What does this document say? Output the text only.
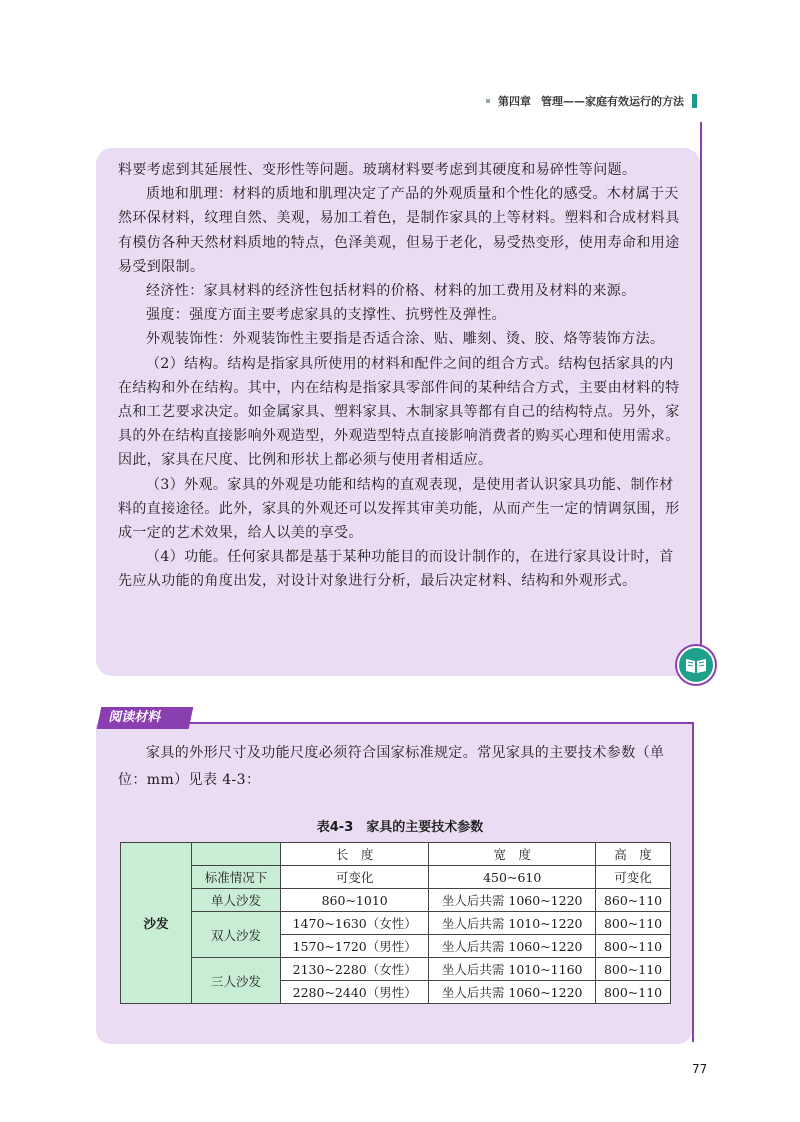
第四章 管理——家庭有效运行的方法

料要考虑到其延展性、变形性等问题。玻璃材料要考虑到其硬度和易碎性等问题。

质地和肌理：材料的质地和肌理决定了产品的外观质量和个性化的感受。木材属于天然环保材料，纹理自然、美观，易加工着色，是制作家具的上等材料。塑料和合成材料具有模仿各种天然材料质地的特点，色泽美观，但易于老化，易受热变形，使用寿命和用途易受到限制。

经济性：家具材料的经济性包括材料的价格、材料的加工费用及材料的来源。

强度：强度方面主要考虑家具的支撑性、抗劈性及弹性。

外观装饰性：外观装饰性主要指是否适合涂、贴、雕刻、烫、胶、烙等装饰方法。

（2）结构。结构是指家具所使用的材料和配件之间的组合方式。结构包括家具的内在结构和外在结构。其中，内在结构是指家具零部件间的某种结合方式，主要由材料的特点和工艺要求决定。如金属家具、塑料家具、木制家具等都有自己的结构特点。另外，家具的外在结构直接影响外观造型，外观造型特点直接影响消费者的购买心理和使用需求。因此，家具在尺度、比例和形状上都必须与使用者相适应。

（3）外观。家具的外观是功能和结构的直观表现，是使用者认识家具功能、制作材料的直接途径。此外，家具的外观还可以发挥其审美功能，从而产生一定的情调氛围，形成一定的艺术效果，给人以美的享受。

（4）功能。任何家具都是基于某种功能目的而设计制作的，在进行家具设计时，首先应从功能的角度出发，对设计对象进行分析，最后决定材料、结构和外观形式。

阅读材料

家具的外形尺寸及功能尺度必须符合国家标准规定。常见家具的主要技术参数（单位：mm）见表 4-3：

表4-3　家具的主要技术参数
沙发		长　度	宽　度	高　度
	标准情况下	可变化	450~610	可变化
	单人沙发	860~1010	坐人后共需 1060~1220	860~110
	双人沙发	1470~1630（女性）	坐人后共需 1010~1220	800~110
		1570~1720（男性）	坐人后共需 1060~1220	800~110
	三人沙发	2130~2280（女性）	坐人后共需 1010~1160	800~110
		2280~2440（男性）	坐人后共需 1060~1220	800~110
77
